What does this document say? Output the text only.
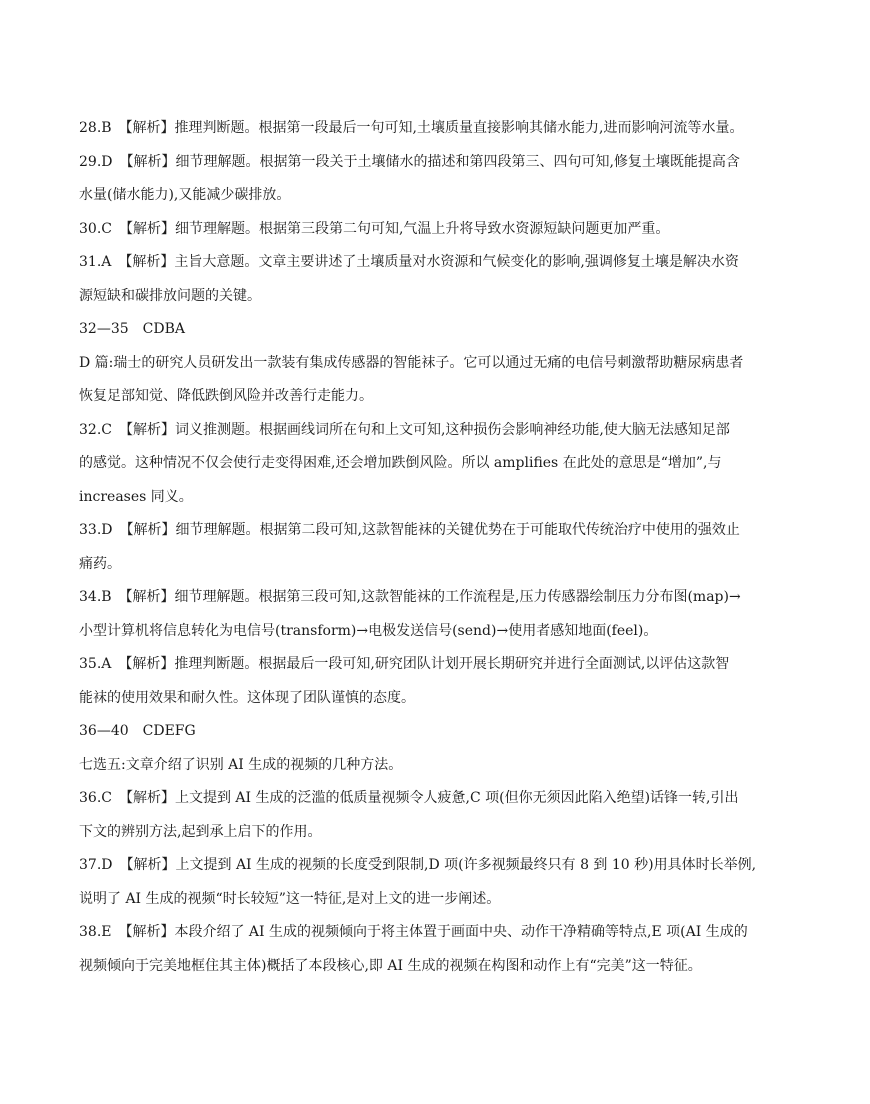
28.B　【解析】推理判断题。根据第一段最后一句可知,土壤质量直接影响其储水能力,进而影响河流等水量。
29.D　【解析】细节理解题。根据第一段关于土壤储水的描述和第四段第三、四句可知,修复土壤既能提高含
水量(储水能力),又能减少碳排放。
30.C　【解析】细节理解题。根据第三段第二句可知,气温上升将导致水资源短缺问题更加严重。
31.A　【解析】主旨大意题。文章主要讲述了土壤质量对水资源和气候变化的影响,强调修复土壤是解决水资
源短缺和碳排放问题的关键。
32—35　CDBA
D 篇:瑞士的研究人员研发出一款装有集成传感器的智能袜子。它可以通过无痛的电信号刺激帮助糖尿病患者
恢复足部知觉、降低跌倒风险并改善行走能力。
32.C　【解析】词义推测题。根据画线词所在句和上文可知,这种损伤会影响神经功能,使大脑无法感知足部
的感觉。这种情况不仅会使行走变得困难,还会增加跌倒风险。所以 amplifies 在此处的意思是“增加”,与
increases 同义。
33.D　【解析】细节理解题。根据第二段可知,这款智能袜的关键优势在于可能取代传统治疗中使用的强效止
痛药。
34.B　【解析】细节理解题。根据第三段可知,这款智能袜的工作流程是,压力传感器绘制压力分布图(map)→
小型计算机将信息转化为电信号(transform)→电极发送信号(send)→使用者感知地面(feel)。
35.A　【解析】推理判断题。根据最后一段可知,研究团队计划开展长期研究并进行全面测试,以评估这款智
能袜的使用效果和耐久性。这体现了团队谨慎的态度。
36—40　CDEFG
七选五:文章介绍了识别 AI 生成的视频的几种方法。
36.C　【解析】上文提到 AI 生成的泛滥的低质量视频令人疲惫,C 项(但你无须因此陷入绝望)话锋一转,引出
下文的辨别方法,起到承上启下的作用。
37.D　【解析】上文提到 AI 生成的视频的长度受到限制,D 项(许多视频最终只有 8 到 10 秒)用具体时长举例,
说明了 AI 生成的视频“时长较短”这一特征,是对上文的进一步阐述。
38.E　【解析】本段介绍了 AI 生成的视频倾向于将主体置于画面中央、动作干净精确等特点,E 项(AI 生成的
视频倾向于完美地框住其主体)概括了本段核心,即 AI 生成的视频在构图和动作上有“完美”这一特征。
